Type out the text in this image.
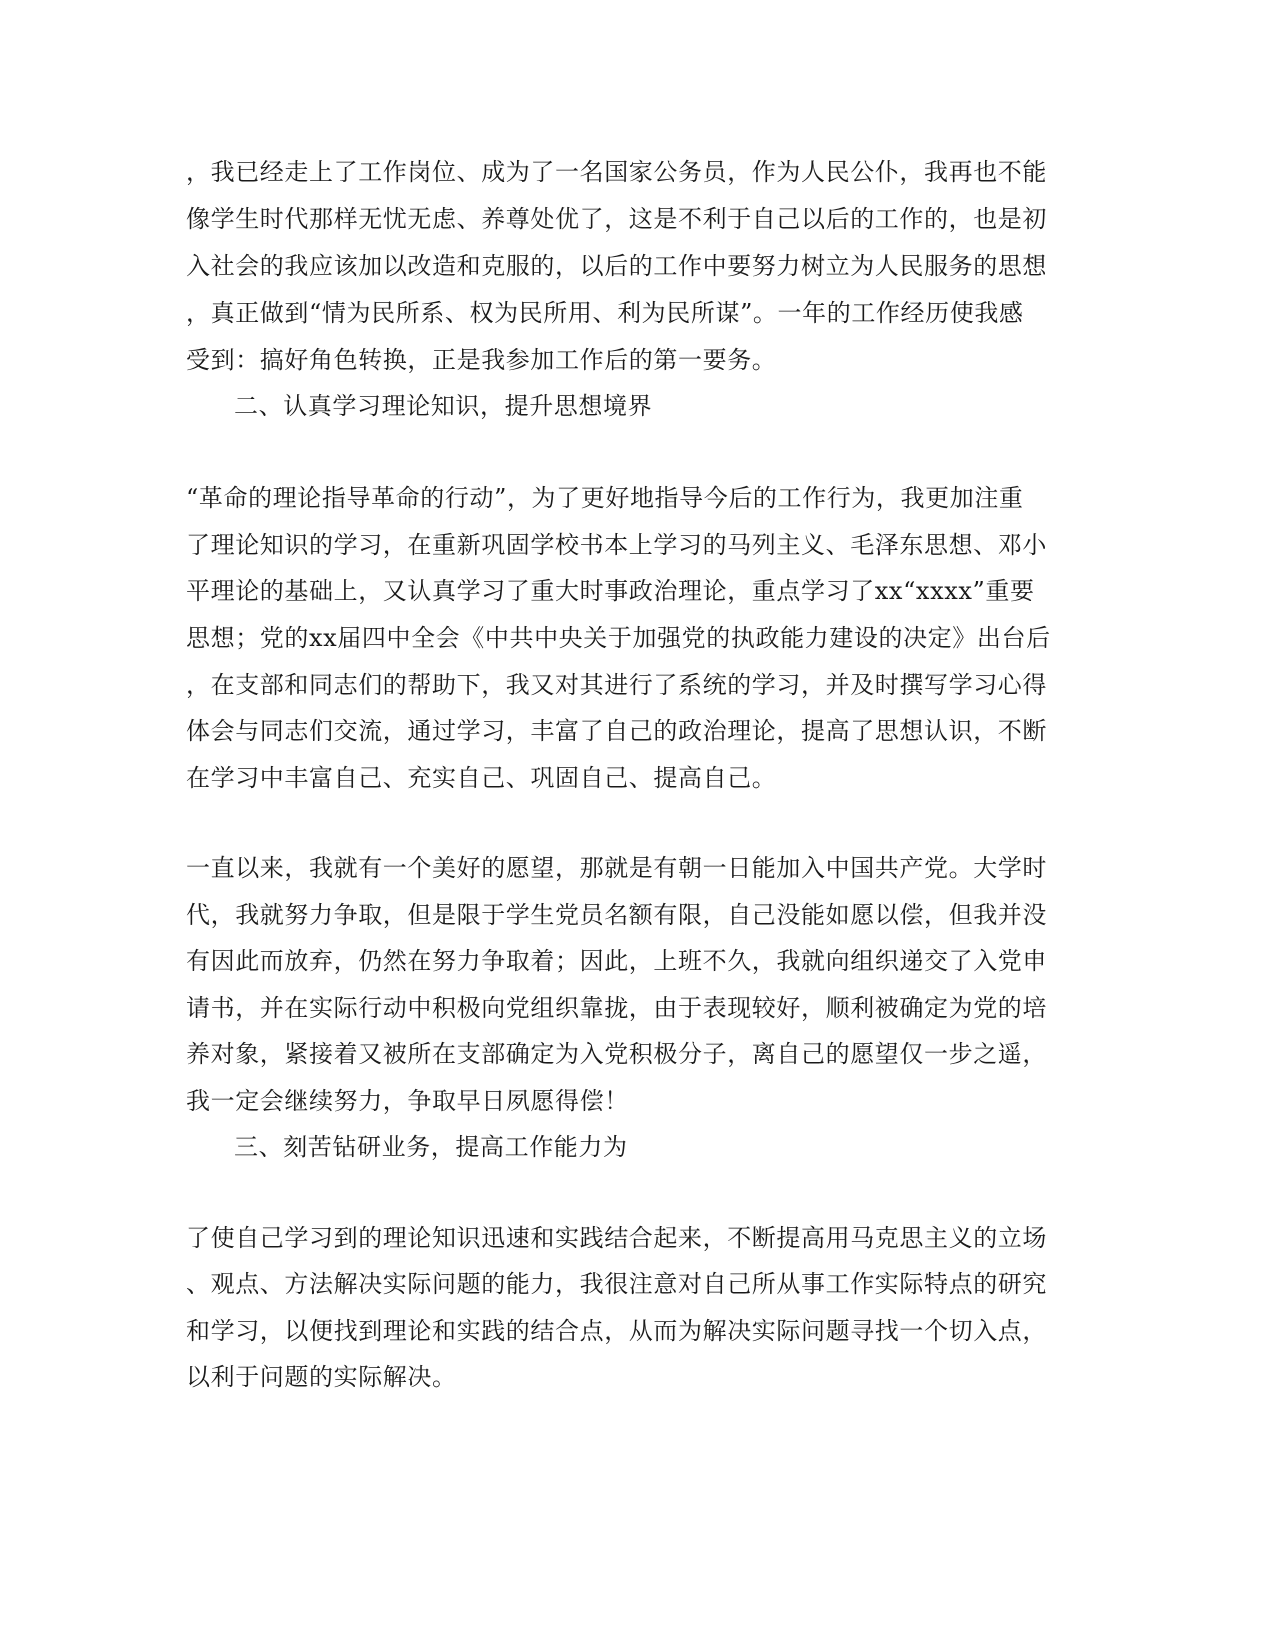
，我已经走上了工作岗位、成为了一名国家公务员，作为人民公仆，我再也不能
像学生时代那样无忧无虑、养尊处优了，这是不利于自己以后的工作的，也是初
入社会的我应该加以改造和克服的，以后的工作中要努力树立为人民服务的思想
，真正做到“情为民所系、权为民所用、利为民所谋”。一年的工作经历使我感
受到：搞好角色转换，正是我参加工作后的第一要务。
二、认真学习理论知识，提升思想境界
“革命的理论指导革命的行动”，为了更好地指导今后的工作行为，我更加注重
了理论知识的学习，在重新巩固学校书本上学习的马列主义、毛泽东思想、邓小
平理论的基础上，又认真学习了重大时事政治理论，重点学习了xx“xxxx”重要
思想；党的xx届四中全会《中共中央关于加强党的执政能力建设的决定》出台后
，在支部和同志们的帮助下，我又对其进行了系统的学习，并及时撰写学习心得
体会与同志们交流，通过学习，丰富了自己的政治理论，提高了思想认识，不断
在学习中丰富自己、充实自己、巩固自己、提高自己。
一直以来，我就有一个美好的愿望，那就是有朝一日能加入中国共产党。大学时
代，我就努力争取，但是限于学生党员名额有限，自己没能如愿以偿，但我并没
有因此而放弃，仍然在努力争取着；因此，上班不久，我就向组织递交了入党申
请书，并在实际行动中积极向党组织靠拢，由于表现较好，顺利被确定为党的培
养对象，紧接着又被所在支部确定为入党积极分子，离自己的愿望仅一步之遥，
我一定会继续努力，争取早日夙愿得偿！
三、刻苦钻研业务，提高工作能力为
了使自己学习到的理论知识迅速和实践结合起来，不断提高用马克思主义的立场
、观点、方法解决实际问题的能力，我很注意对自己所从事工作实际特点的研究
和学习，以便找到理论和实践的结合点，从而为解决实际问题寻找一个切入点，
以利于问题的实际解决。
